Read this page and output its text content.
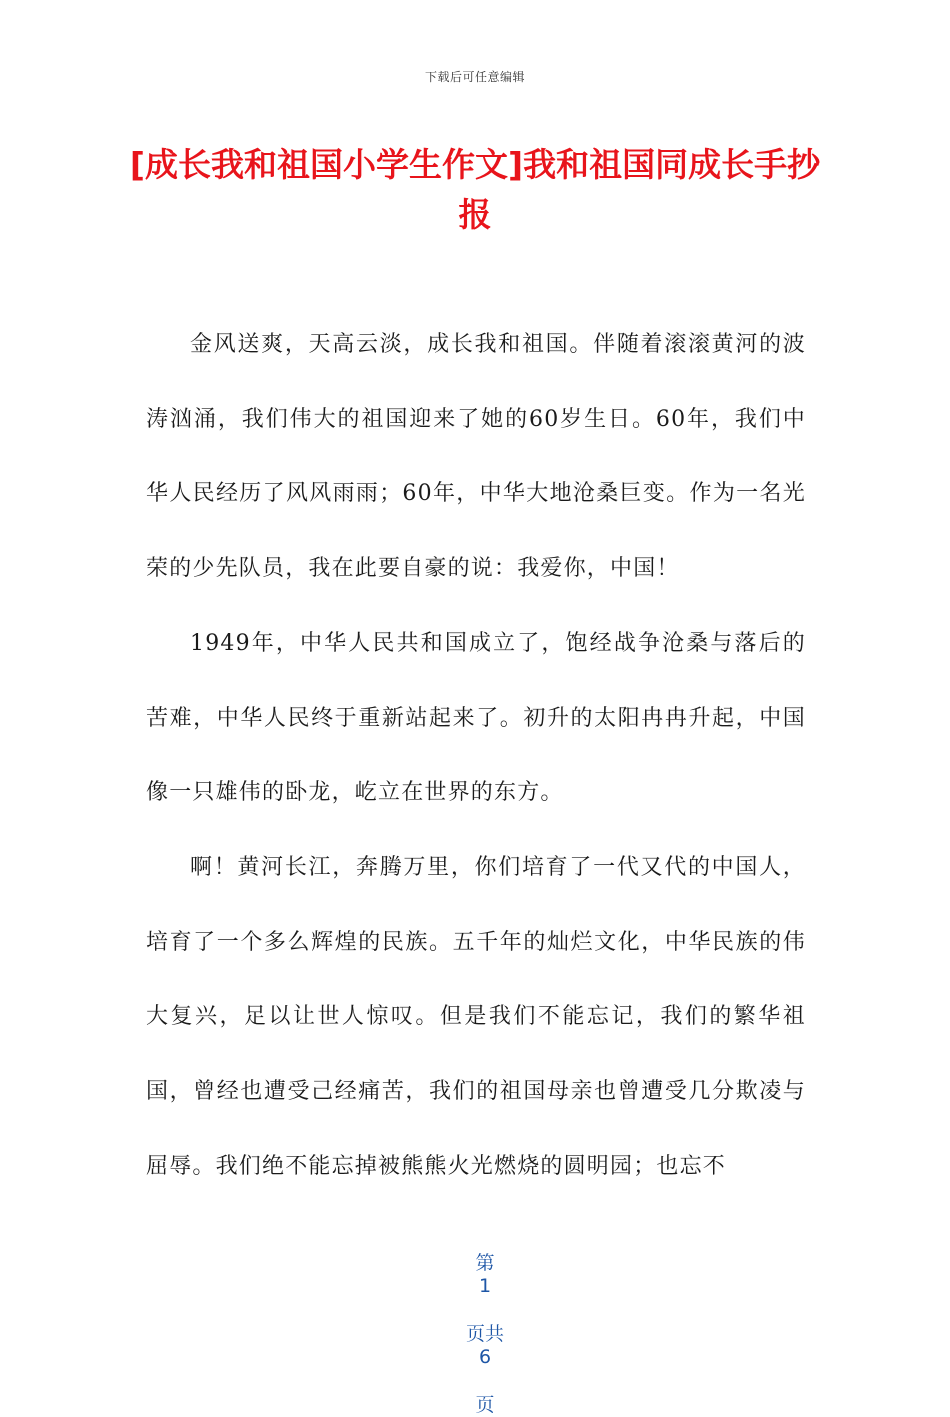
下载后可任意编辑
[成长我和祖国小学生作文]我和祖国同成长手抄报

金风送爽，天高云淡，成长我和祖国。伴随着滚滚黄河的波涛汹涌，我们伟大的祖国迎来了她的60岁生日。60年，我们中华人民经历了风风雨雨；60年，中华大地沧桑巨变。作为一名光荣的少先队员，我在此要自豪的说：我爱你，中国！

1949年，中华人民共和国成立了，饱经战争沧桑与落后的苦难，中华人民终于重新站起来了。初升的太阳冉冉升起，中国像一只雄伟的卧龙，屹立在世界的东方。

啊！黄河长江，奔腾万里，你们培育了一代又代的中国人，培育了一个多么辉煌的民族。五千年的灿烂文化，中华民族的伟大复兴，足以让世人惊叹。但是我们不能忘记，我们的繁华祖国，曾经也遭受己经痛苦，我们的祖国母亲也曾遭受几分欺凌与屈辱。我们绝不能忘掉被熊熊火光燃烧的圆明园；也忘不

第
1

页共
6

页
